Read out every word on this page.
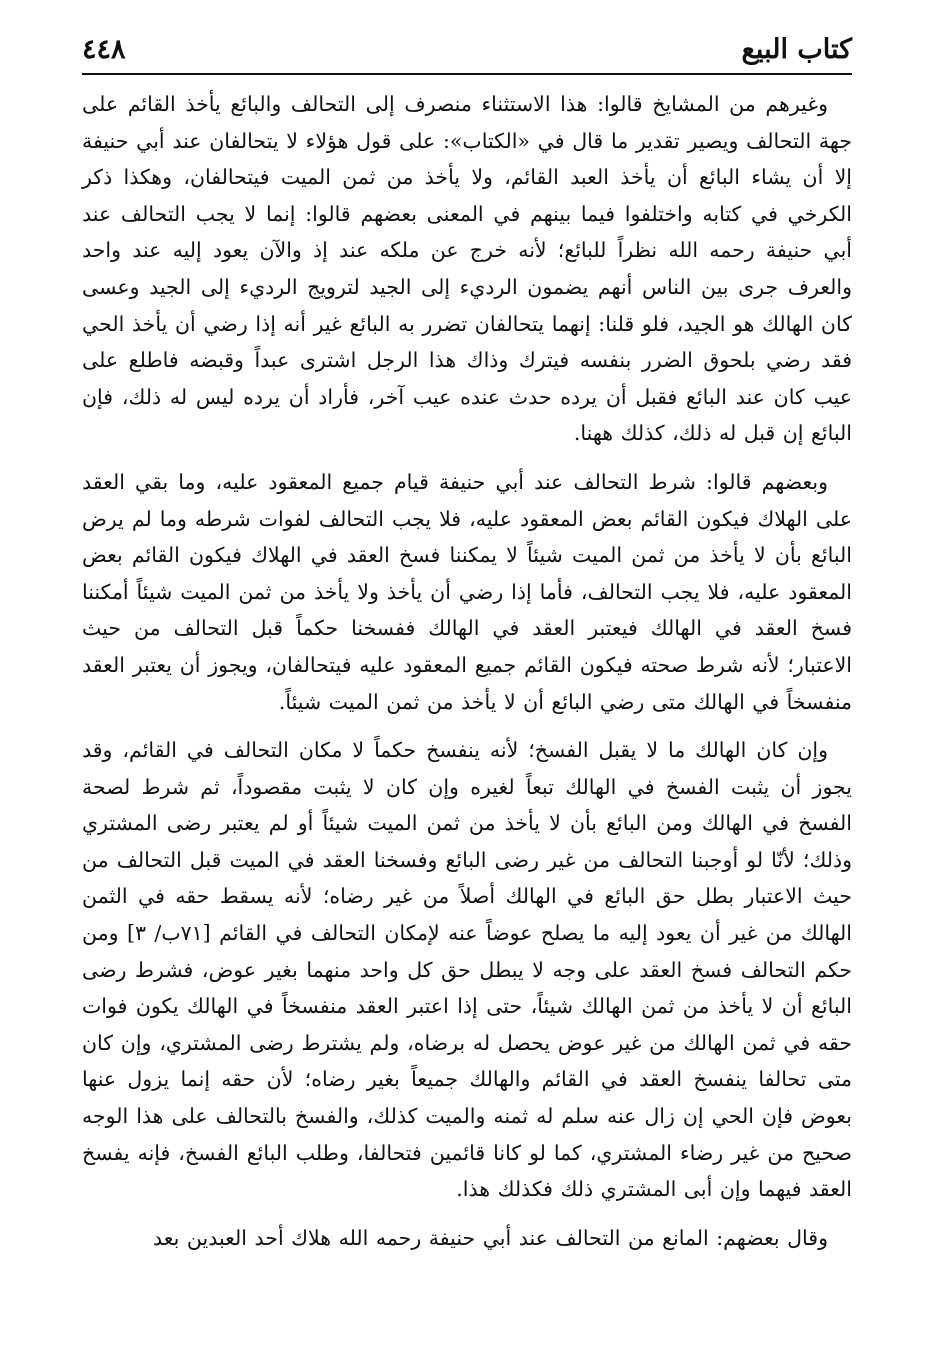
كتاب البيع
٤٤٨

وغيرهم من المشايخ قالوا: هذا الاستثناء منصرف إلى التحالف والبائع يأخذ القائم على جهة التحالف ويصير تقدير ما قال في «الكتاب»: على قول هؤلاء لا يتحالفان عند أبي حنيفة إلا أن يشاء البائع أن يأخذ العبد القائم، ولا يأخذ من ثمن الميت فيتحالفان، وهكذا ذكر الكرخي في كتابه واختلفوا فيما بينهم في المعنى بعضهم قالوا: إنما لا يجب التحالف عند أبي حنيفة رحمه الله نظراً للبائع؛ لأنه خرج عن ملكه عند إذ والآن يعود إليه عند واحد والعرف جرى بين الناس أنهم يضمون الرديء إلى الجيد لترويج الرديء إلى الجيد وعسى كان الهالك هو الجيد، فلو قلنا: إنهما يتحالفان تضرر به البائع غير أنه إذا رضي أن يأخذ الحي فقد رضي بلحوق الضرر بنفسه فيترك وذاك هذا الرجل اشترى عبداً وقبضه فاطلع على عيب كان عند البائع فقبل أن يرده حدث عنده عيب آخر، فأراد أن يرده ليس له ذلك، فإن البائع إن قبل له ذلك، كذلك ههنا.

وبعضهم قالوا: شرط التحالف عند أبي حنيفة قيام جميع المعقود عليه، وما بقي العقد على الهلاك فيكون القائم بعض المعقود عليه، فلا يجب التحالف لفوات شرطه وما لم يرض البائع بأن لا يأخذ من ثمن الميت شيئاً لا يمكننا فسخ العقد في الهلاك فيكون القائم بعض المعقود عليه، فلا يجب التحالف، فأما إذا رضي أن يأخذ ولا يأخذ من ثمن الميت شيئاً أمكننا فسخ العقد في الهالك فيعتبر العقد في الهالك ففسخنا حكماً قبل التحالف من حيث الاعتبار؛ لأنه شرط صحته فيكون القائم جميع المعقود عليه فيتحالفان، ويجوز أن يعتبر العقد منفسخاً في الهالك متى رضي البائع أن لا يأخذ من ثمن الميت شيئاً.

وإن كان الهالك ما لا يقبل الفسخ؛ لأنه ينفسخ حكماً لا مكان التحالف في القائم، وقد يجوز أن يثبت الفسخ في الهالك تبعاً لغيره وإن كان لا يثبت مقصوداً، ثم شرط لصحة الفسخ في الهالك ومن البائع بأن لا يأخذ من ثمن الميت شيئاً أو لم يعتبر رضى المشتري وذلك؛ لأنّا لو أوجبنا التحالف من غير رضى البائع وفسخنا العقد في الميت قبل التحالف من حيث الاعتبار بطل حق البائع في الهالك أصلاً من غير رضاه؛ لأنه يسقط حقه في الثمن الهالك من غير أن يعود إليه ما يصلح عوضاً عنه لإمكان التحالف في القائم [٧١ب/ ٣] ومن حكم التحالف فسخ العقد على وجه لا يبطل حق كل واحد منهما بغير عوض، فشرط رضى البائع أن لا يأخذ من ثمن الهالك شيئاً، حتى إذا اعتبر العقد منفسخاً في الهالك يكون فوات حقه في ثمن الهالك من غير عوض يحصل له برضاه، ولم يشترط رضى المشتري، وإن كان متى تحالفا ينفسخ العقد في القائم والهالك جميعاً بغير رضاه؛ لأن حقه إنما يزول عنها بعوض فإن الحي إن زال عنه سلم له ثمنه والميت كذلك، والفسخ بالتحالف على هذا الوجه صحيح من غير رضاء المشتري، كما لو كانا قائمين فتحالفا، وطلب البائع الفسخ، فإنه يفسخ العقد فيهما وإن أبى المشتري ذلك فكذلك هذا.

وقال بعضهم: المانع من التحالف عند أبي حنيفة رحمه الله هلاك أحد العبدين بعد
